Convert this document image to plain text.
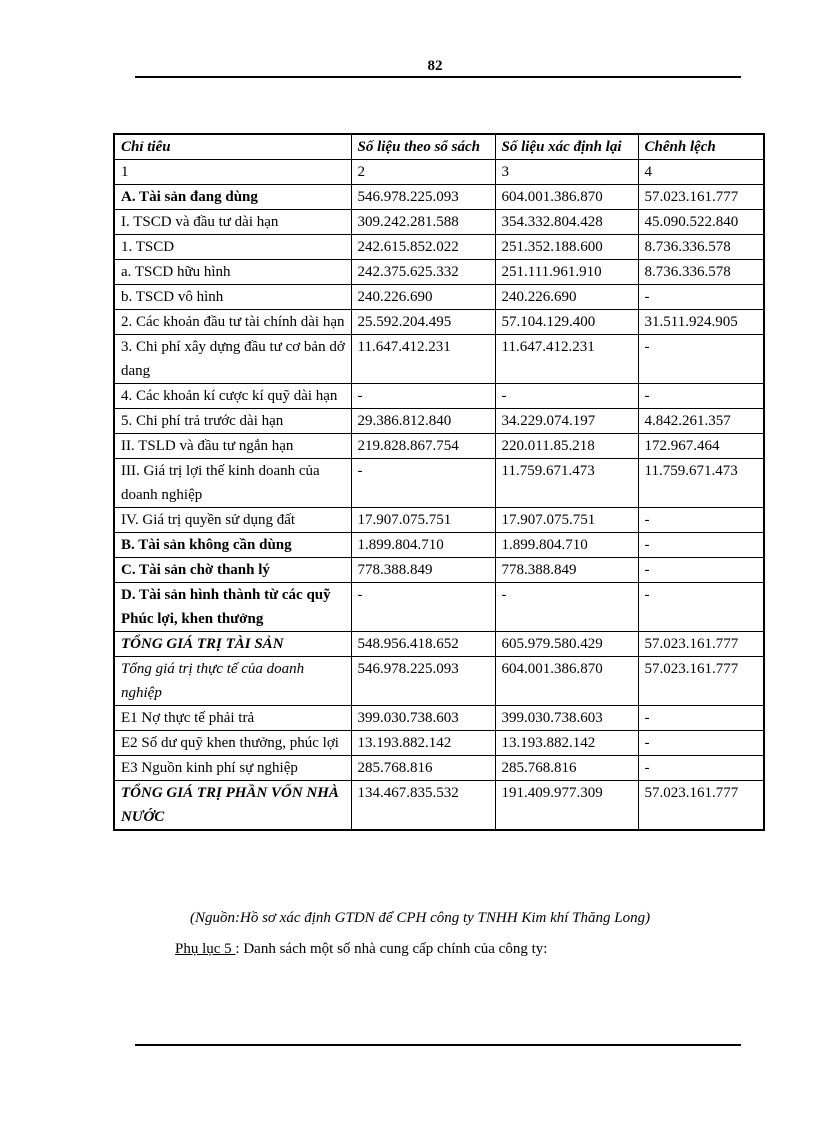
82
Chỉ tiêu	Số liệu theo sổ sách	Số liệu xác định lại	Chênh lệch
1	2	3	4
A. Tài sản đang dùng	546.978.225.093	604.001.386.870	57.023.161.777
I. TSCD và đầu tư dài hạn	309.242.281.588	354.332.804.428	45.090.522.840
1. TSCD	242.615.852.022	251.352.188.600	8.736.336.578
a. TSCD hữu hình	242.375.625.332	251.111.961.910	8.736.336.578
b. TSCD vô hình	240.226.690	240.226.690	-
2. Các khoản đầu tư tài chính dài hạn	25.592.204.495	57.104.129.400	31.511.924.905
3. Chi phí xây dựng đầu tư cơ bản dở dang	11.647.412.231	11.647.412.231	-
4. Các khoản kí cược kí quỹ dài hạn	-	-	-
5. Chi phí trả trước dài hạn	29.386.812.840	34.229.074.197	4.842.261.357
II. TSLD và đầu tư ngắn hạn	219.828.867.754	220.011.85.218	172.967.464
III. Giá trị lợi thế kinh doanh của doanh nghiệp	-	11.759.671.473	11.759.671.473
IV. Giá trị quyền sử dụng đất	17.907.075.751	17.907.075.751	-
B. Tài sản không cần dùng	1.899.804.710	1.899.804.710	-
C. Tài sản chờ thanh lý	778.388.849	778.388.849	-
D. Tài sản hình thành từ các quỹ Phúc lợi, khen thưởng	-	-	-
TỔNG GIÁ TRỊ TÀI SẢN	548.956.418.652	605.979.580.429	57.023.161.777
Tổng giá trị thực tế của doanh nghiệp	546.978.225.093	604.001.386.870	57.023.161.777
E1 Nợ thực tế phải trả	399.030.738.603	399.030.738.603	-
E2 Số dư quỹ khen thưởng, phúc lợi	13.193.882.142	13.193.882.142	-
E3 Nguồn kinh phí sự nghiệp	285.768.816	285.768.816	-
TỔNG GIÁ TRỊ PHẦN VỐN NHÀ NƯỚC	134.467.835.532	191.409.977.309	57.023.161.777
(Nguồn:Hồ sơ xác định GTDN để CPH công ty TNHH Kim khí Thăng Long)
Phụ lục 5 : Danh sách một số nhà cung cấp chính của công ty:
